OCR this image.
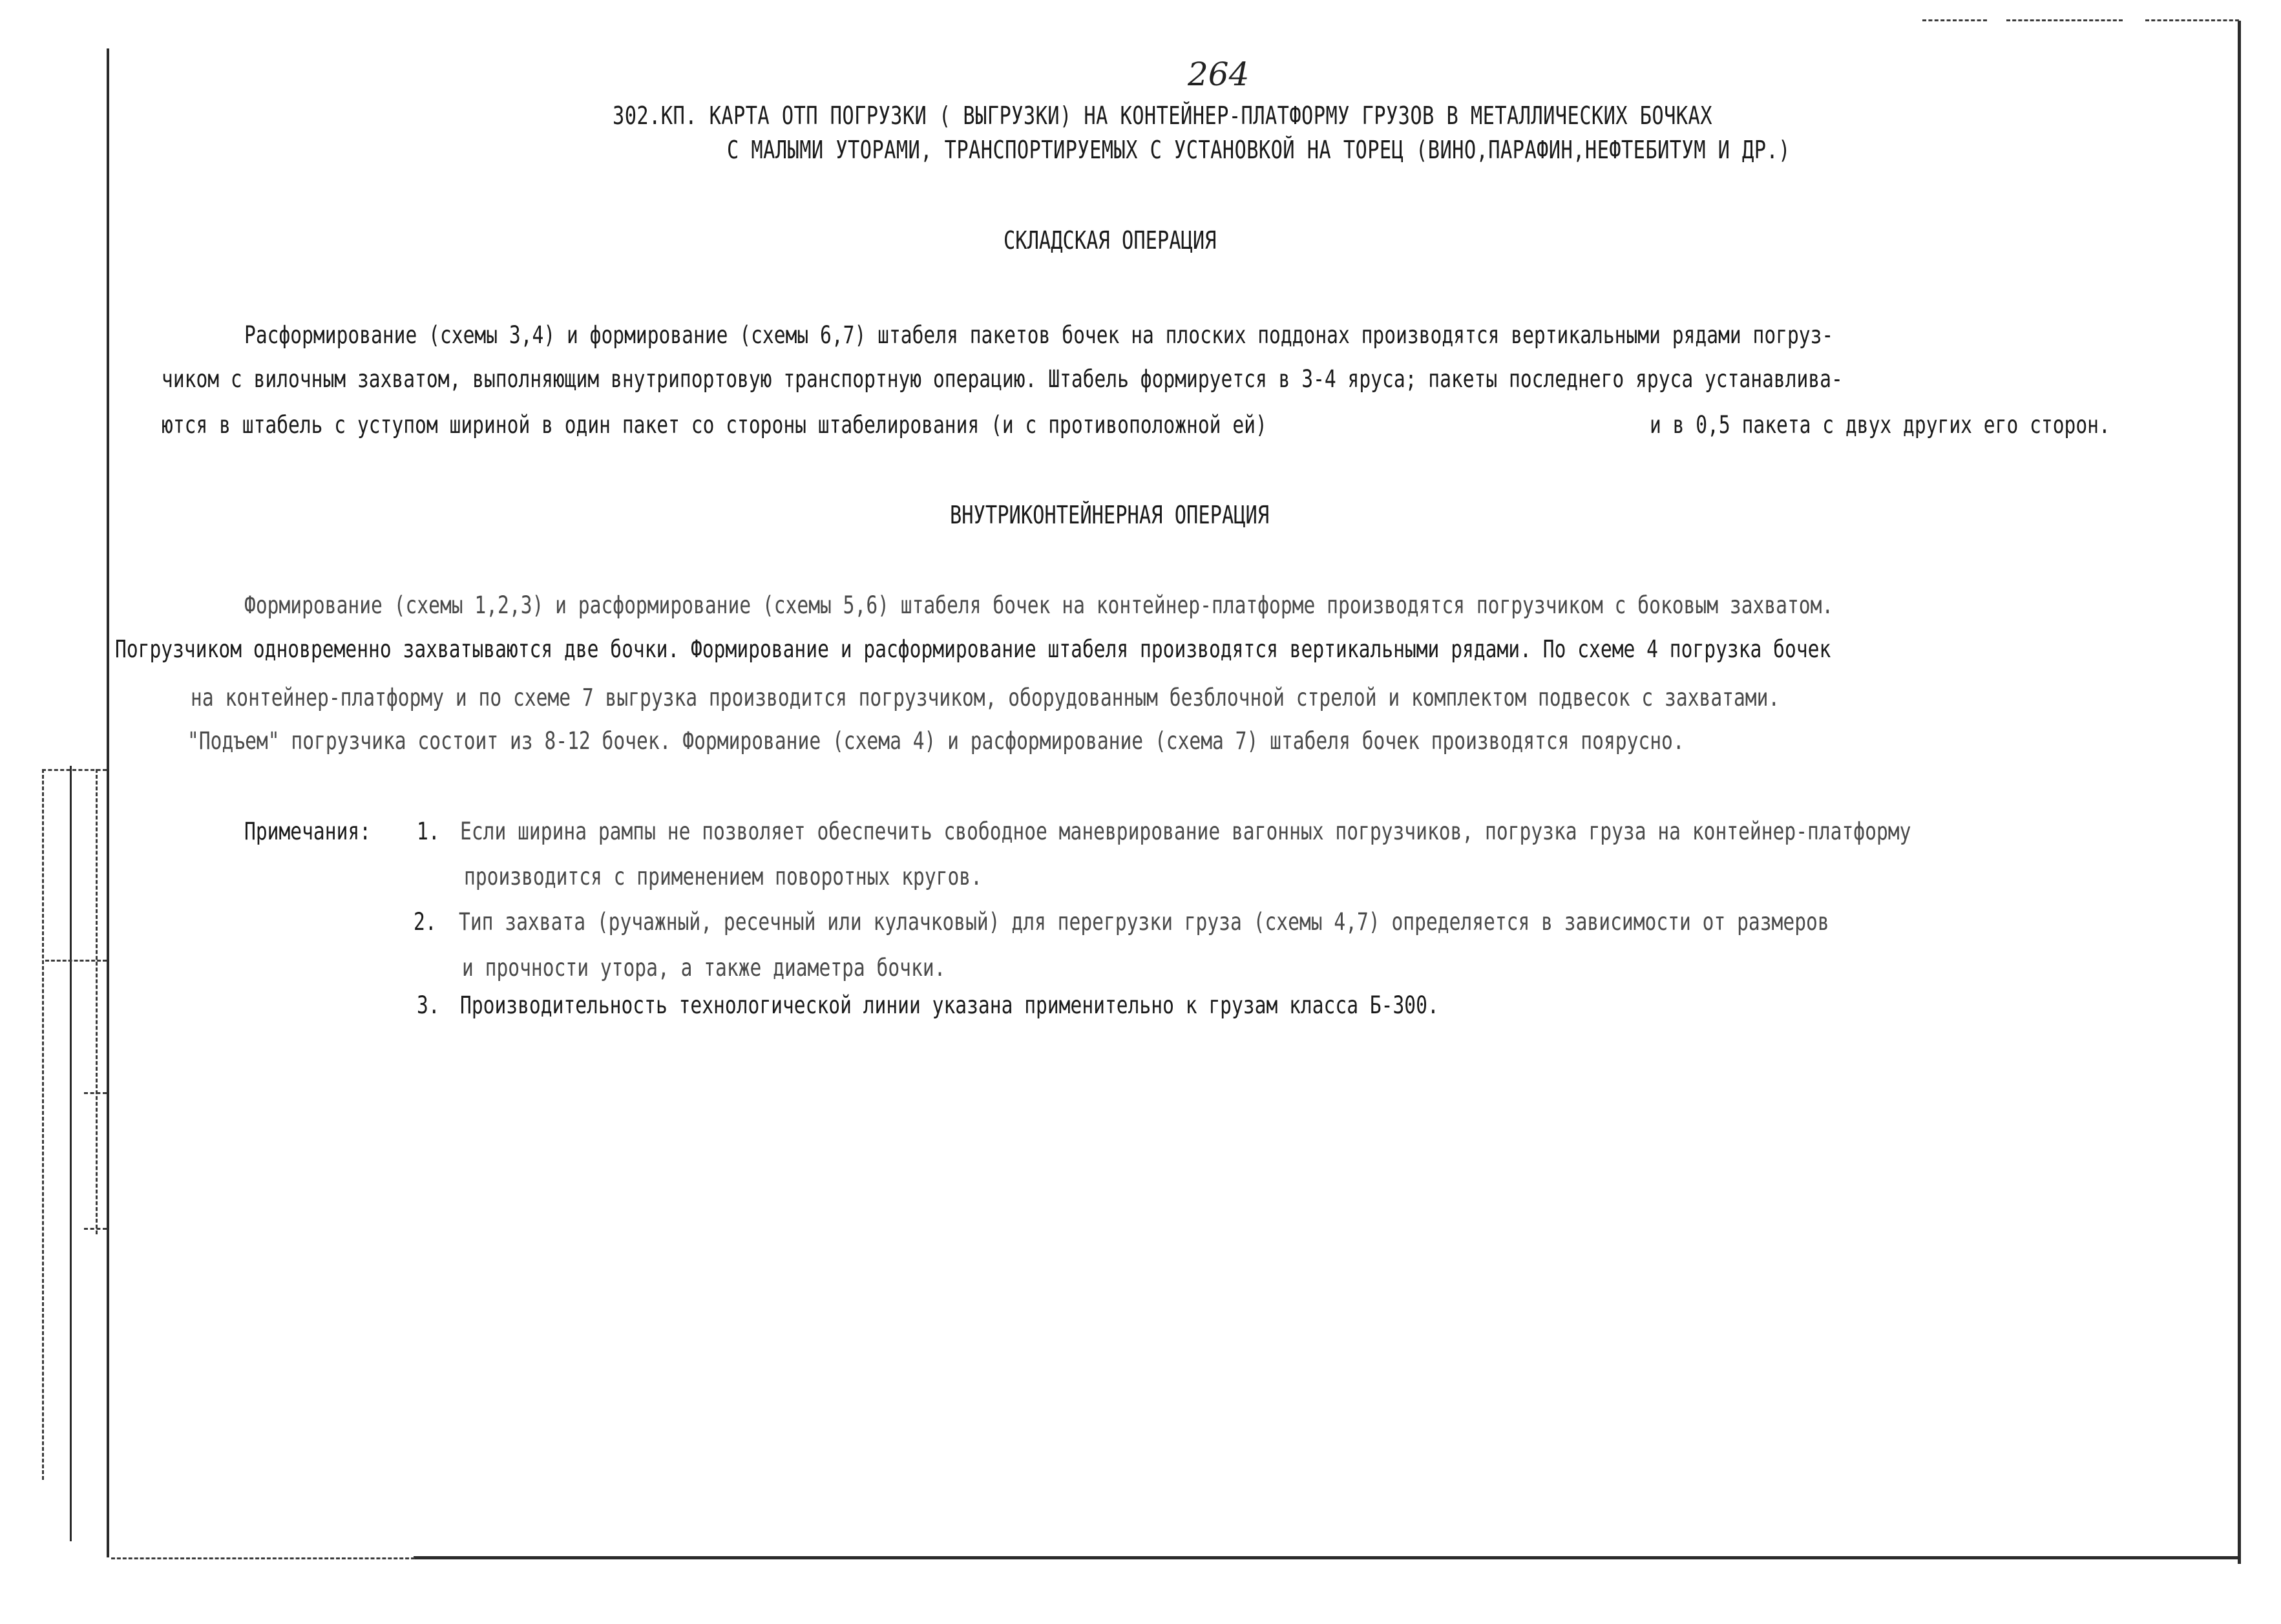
264
302.КП. КАРТА ОТП ПОГРУЗКИ ( ВЫГРУЗКИ) НА КОНТЕЙНЕР-ПЛАТФОРМУ ГРУЗОВ В МЕТАЛЛИЧЕСКИХ БОЧКАХ
С МАЛЫМИ УТОРАМИ, ТРАНСПОРТИРУЕМЫХ С УСТАНОВКОЙ НА ТОРЕЦ (ВИНО,ПАРАФИН,НЕФТЕБИТУМ И ДР.)
СКЛАДСКАЯ ОПЕРАЦИЯ
Расформирование (схемы 3,4) и формирование (схемы 6,7) штабеля пакетов бочек на плоских поддонах производятся вертикальными рядами погруз-
чиком с вилочным захватом, выполняющим внутрипортовую транспортную операцию. Штабель формируется в 3-4 яруса; пакеты последнего яруса устанавлива-
ются в штабель с уступом шириной в один пакет со стороны штабелирования (и с противоположной ей)	и в 0,5 пакета с двух других его сторон.
ВНУТРИКОНТЕЙНЕРНАЯ ОПЕРАЦИЯ
Формирование (схемы 1,2,3) и расформирование (схемы 5,6) штабеля бочек на контейнер-платформе производятся погрузчиком с боковым захватом.
Погрузчиком одновременно захватываются две бочки. Формирование и расформирование штабеля производятся вертикальными рядами. По схеме 4 погрузка бочек
на контейнер-платформу и по схеме 7 выгрузка производится погрузчиком, оборудованным безблочной стрелой и комплектом подвесок с захватами.
"Подъем" погрузчика состоит из 8-12 бочек. Формирование (схема 4) и расформирование (схема 7) штабеля бочек производятся поярусно.
Примечания: 1. Если ширина рампы не позволяет обеспечить свободное маневрирование вагонных погрузчиков, погрузка груза на контейнер-платформу
производится с применением поворотных кругов.
2. Тип захвата (ручажный, ресечный или кулачковый) для перегрузки груза (схемы 4,7) определяется в зависимости от размеров
и прочности утора, а также диаметра бочки.
3. Производительность технологической линии указана применительно к грузам класса Б-300.
